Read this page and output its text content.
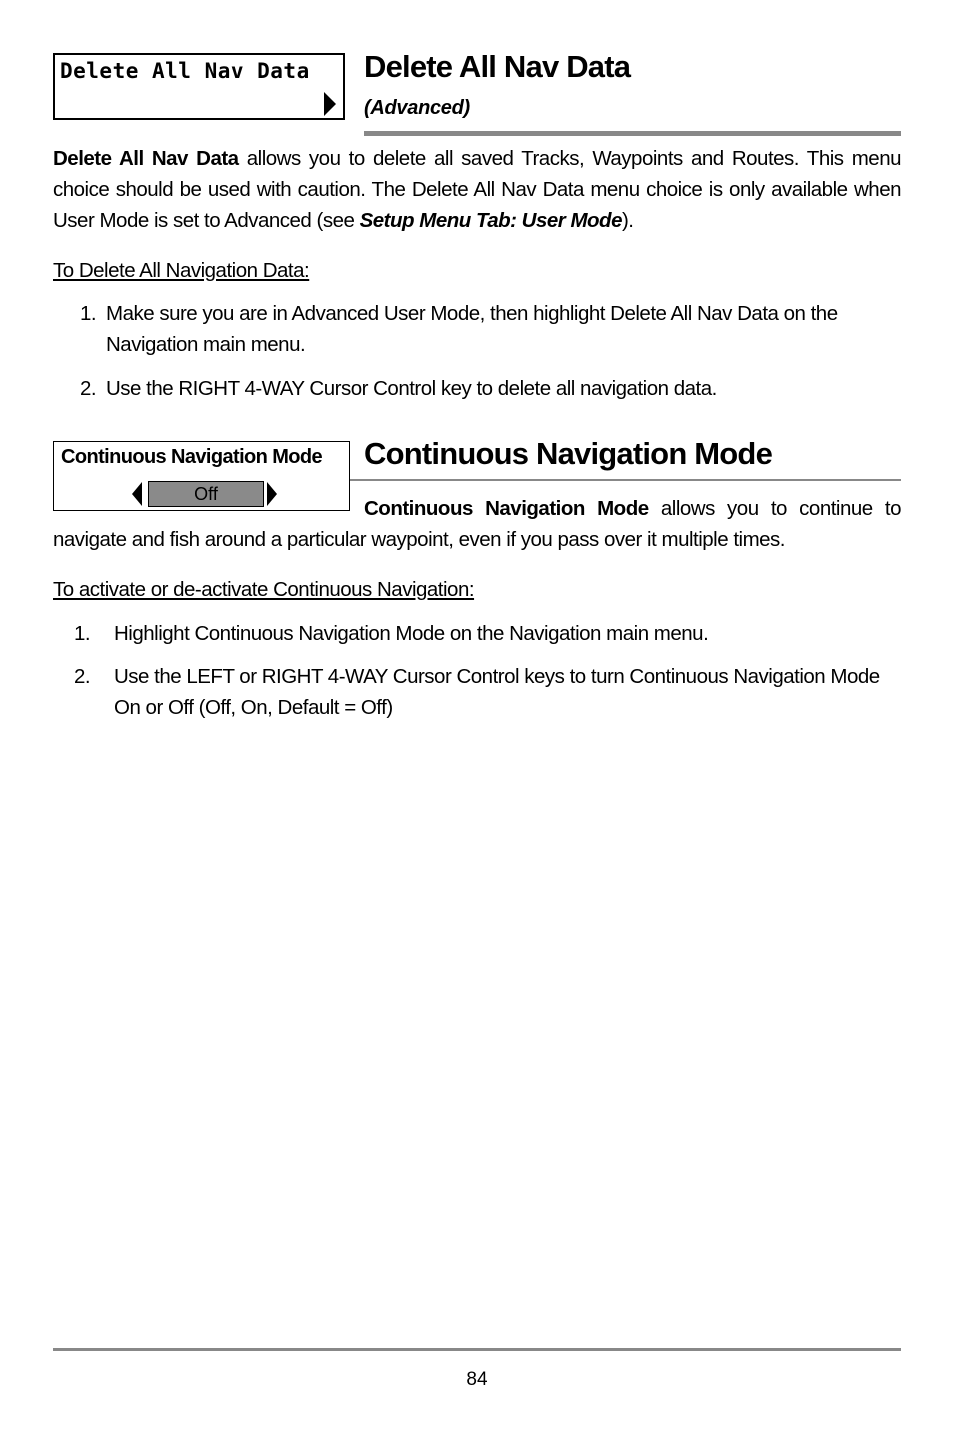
Delete All Nav Data Delete All Nav Data
(Advanced)
Delete All Nav Data allows you to delete all saved Tracks, Waypoints and Routes. This menu choice should be used with caution. The Delete All Nav Data menu choice is only available when User Mode is set to Advanced (see Setup Menu Tab: User Mode).
To Delete All Navigation Data:
1. Make sure you are in Advanced User Mode, then highlight Delete All Nav Data on the Navigation main menu.
2. Use the RIGHT 4-WAY Cursor Control key to delete all navigation data.
Continuous Navigation Mode
Off
Continuous Navigation Mode
Continuous Navigation Mode allows you to continue to
navigate and fish around a particular waypoint, even if you pass over it multiple times.
To activate or de-activate Continuous Navigation:
1. Highlight Continuous Navigation Mode on the Navigation main menu.
2. Use the LEFT or RIGHT 4-WAY Cursor Control keys to turn Continuous Navigation Mode On or Off (Off, On, Default = Off)
84
